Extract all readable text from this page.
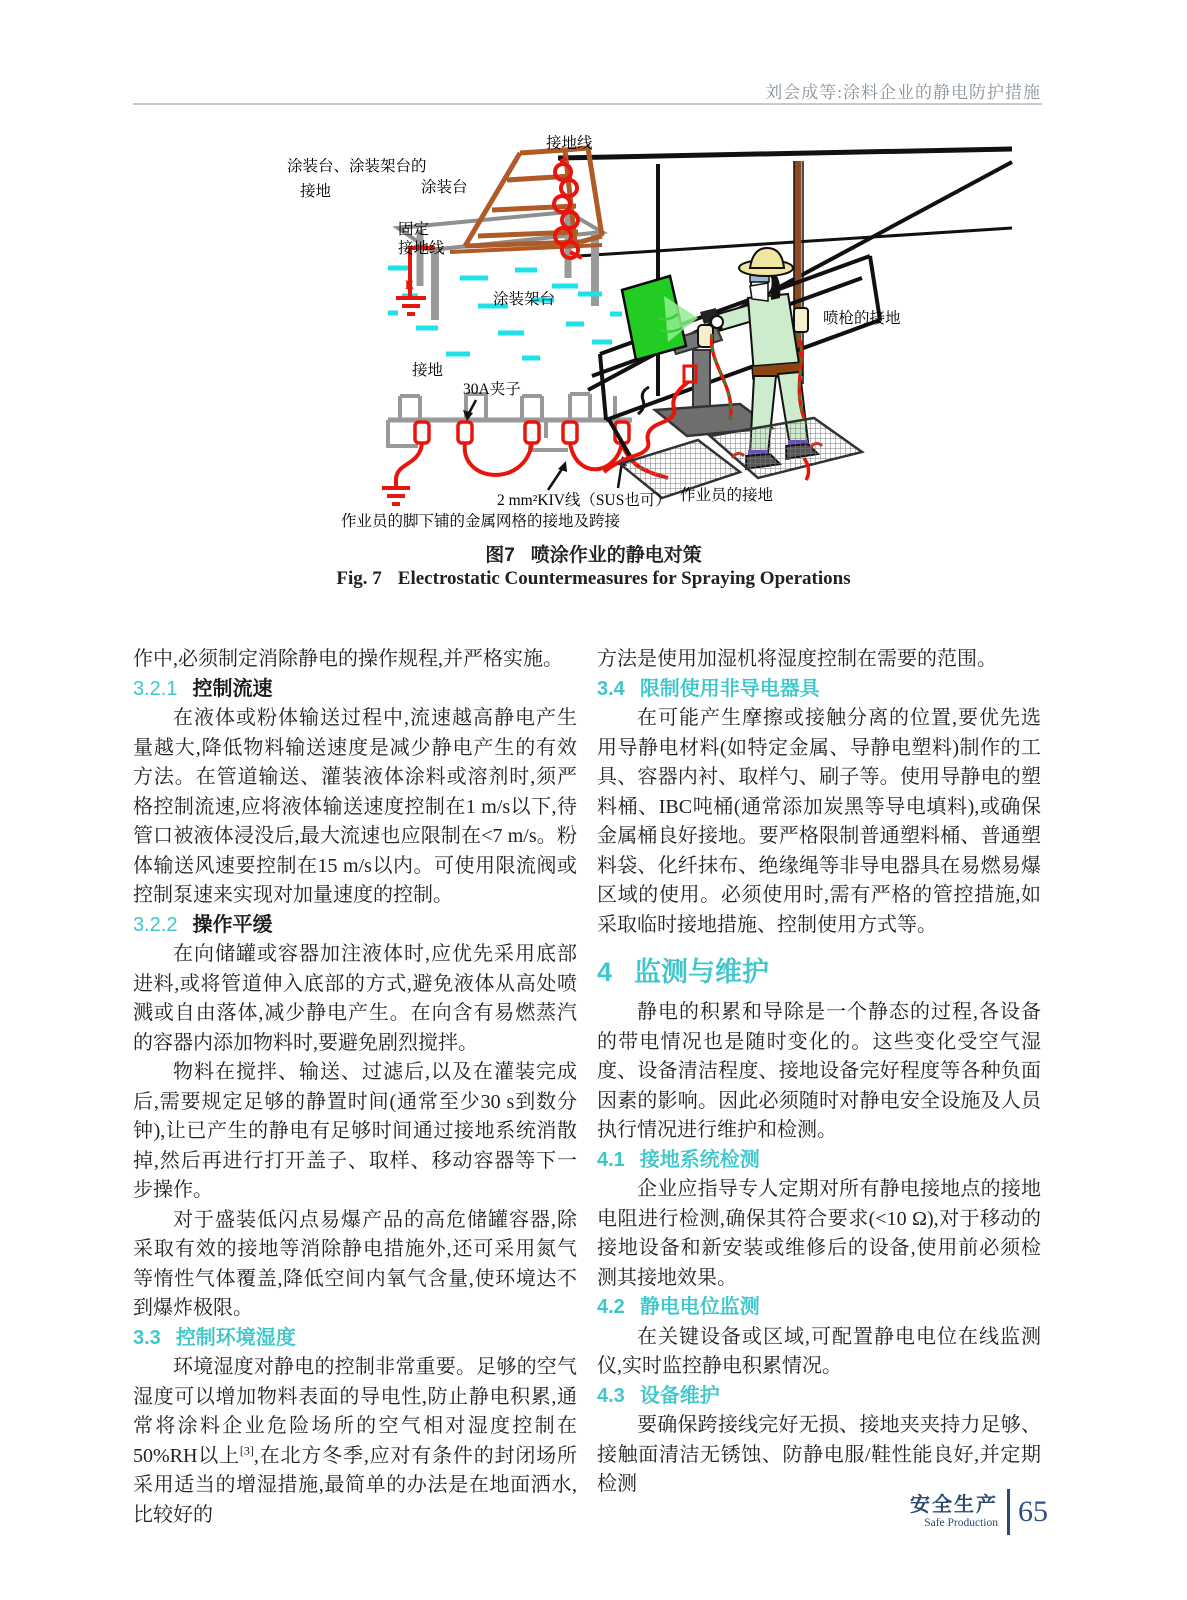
刘会成等:涂料企业的静电防护措施
接地线
涂装台、涂装架台的
接地	涂装台
固定
接地线
E
涂装架台
喷枪的接地
接地
30A夹子
2 mm²KIV线（SUS也可） 作业员的接地
作业员的脚下铺的金属网格的接地及跨接
图7 喷涂作业的静电对策
Fig. 7 Electrostatic Countermeasures for Spraying Operations

作中,必须制定消除静电的操作规程,并严格实施。

3.2.1 控制流速

在液体或粉体输送过程中,流速越高静电产生量越大,降低物料输送速度是减少静电产生的有效方法。在管道输送、灌装液体涂料或溶剂时,须严格控制流速,应将液体输送速度控制在1 m/s以下,待管口被液体浸没后,最大流速也应限制在<7 m/s。粉体输送风速要控制在15 m/s以内。可使用限流阀或控制泵速来实现对加量速度的控制。

3.2.2 操作平缓

在向储罐或容器加注液体时,应优先采用底部进料,或将管道伸入底部的方式,避免液体从高处喷溅或自由落体,减少静电产生。在向含有易燃蒸汽的容器内添加物料时,要避免剧烈搅拌。

物料在搅拌、输送、过滤后,以及在灌装完成后,需要规定足够的静置时间(通常至少30 s到数分钟),让已产生的静电有足够时间通过接地系统消散掉,然后再进行打开盖子、取样、移动容器等下一步操作。

对于盛装低闪点易爆产品的高危储罐容器,除采取有效的接地等消除静电措施外,还可采用氮气等惰性气体覆盖,降低空间内氧气含量,使环境达不到爆炸极限。

3.3 控制环境湿度

环境湿度对静电的控制非常重要。足够的空气湿度可以增加物料表面的导电性,防止静电积累,通常将涂料企业危险场所的空气相对湿度控制在50%RH以上[3],在北方冬季,应对有条件的封闭场所采用适当的增湿措施,最简单的办法是在地面洒水,比较好的

方法是使用加湿机将湿度控制在需要的范围。

3.4 限制使用非导电器具

在可能产生摩擦或接触分离的位置,要优先选用导静电材料(如特定金属、导静电塑料)制作的工具、容器内衬、取样勺、刷子等。使用导静电的塑料桶、IBC吨桶(通常添加炭黑等导电填料),或确保金属桶良好接地。要严格限制普通塑料桶、普通塑料袋、化纤抹布、绝缘绳等非导电器具在易燃易爆区域的使用。必须使用时,需有严格的管控措施,如采取临时接地措施、控制使用方式等。

4 监测与维护

静电的积累和导除是一个静态的过程,各设备的带电情况也是随时变化的。这些变化受空气湿度、设备清洁程度、接地设备完好程度等各种负面因素的影响。因此必须随时对静电安全设施及人员执行情况进行维护和检测。

4.1 接地系统检测

企业应指导专人定期对所有静电接地点的接地电阻进行检测,确保其符合要求(<10 Ω),对于移动的接地设备和新安装或维修后的设备,使用前必须检测其接地效果。

4.2 静电电位监测

在关键设备或区域,可配置静电电位在线监测仪,实时监控静电积累情况。

4.3 设备维护

要确保跨接线完好无损、接地夹夹持力足够、接触面清洁无锈蚀、防静电服/鞋性能良好,并定期检测

安全生产
Safe Production 65
